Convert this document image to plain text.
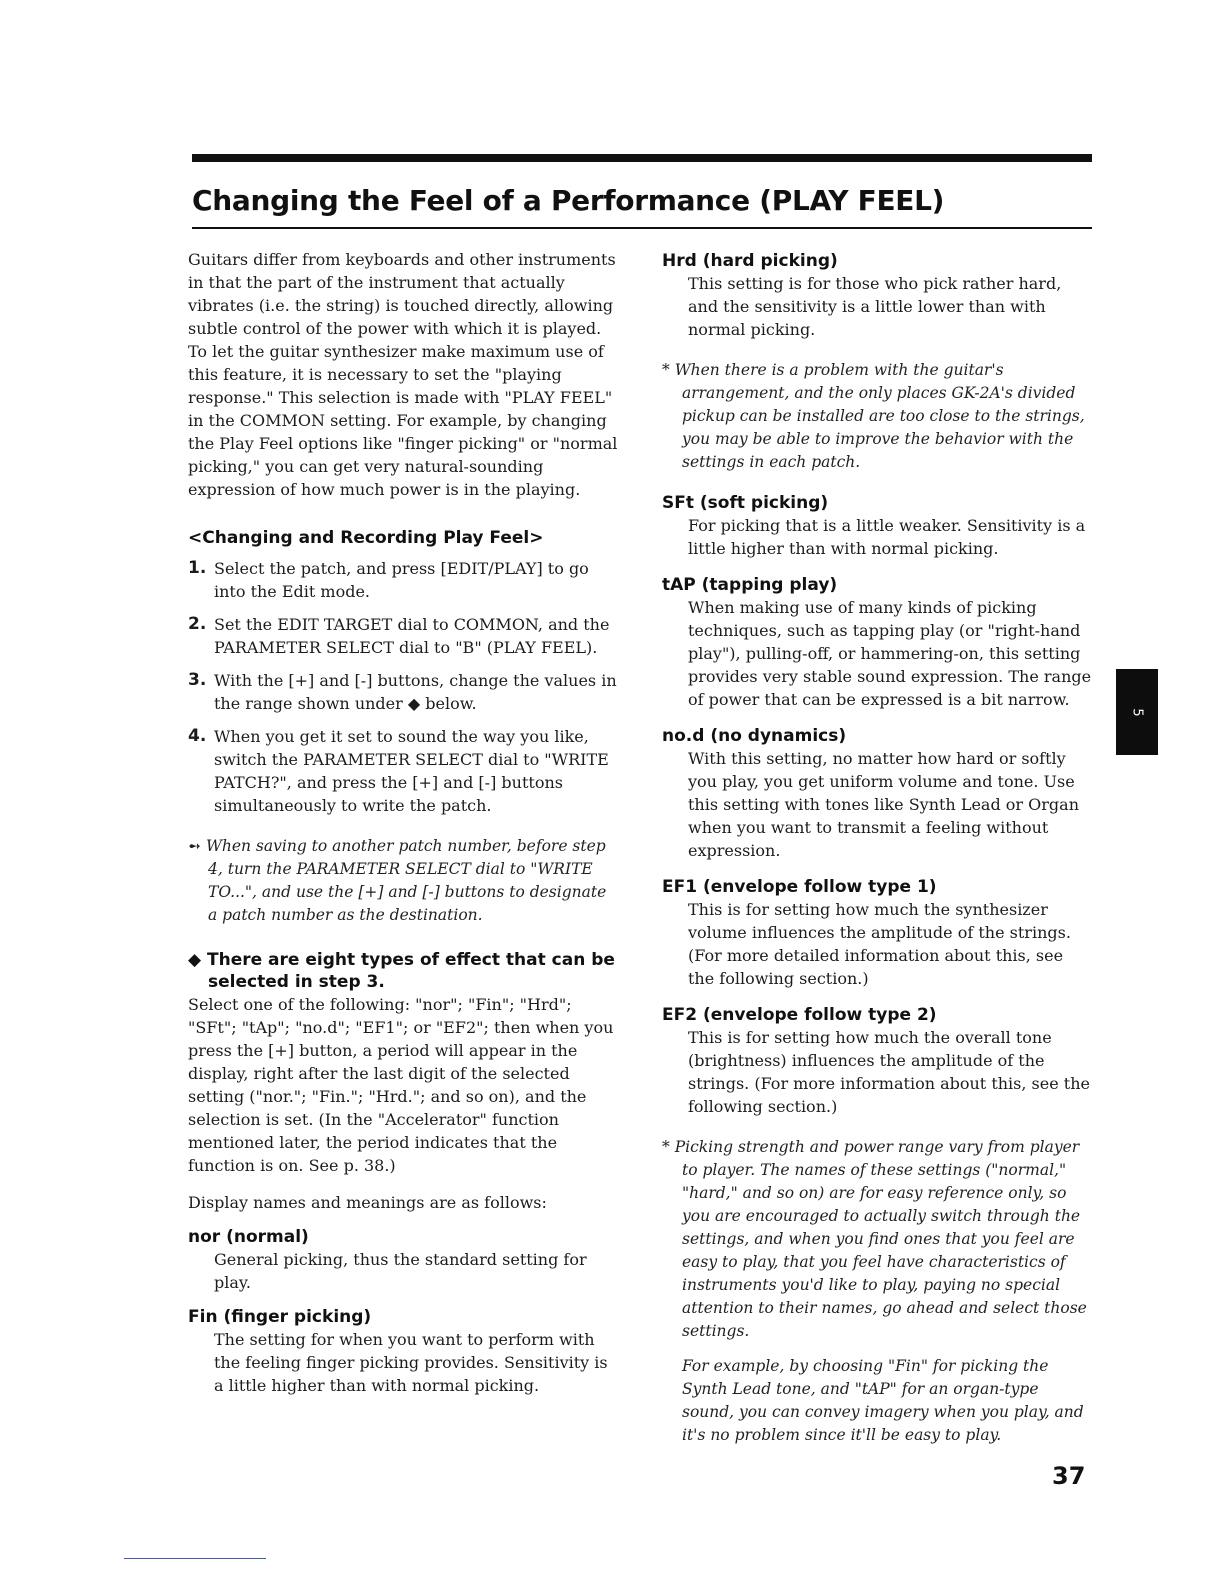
Changing the Feel of a Performance (PLAY FEEL)

Guitars differ from keyboards and other instruments in that the part of the instrument that actually vibrates (i.e. the string) is touched directly, allowing subtle control of the power with which it is played. To let the guitar synthesizer make maximum use of this feature, it is necessary to set the "playing response." This selection is made with "PLAY FEEL" in the COMMON setting. For example, by changing the Play Feel options like "finger picking" or "normal picking," you can get very natural-sounding expression of how much power is in the playing.

<Changing and Recording Play Feel>

1. Select the patch, and press [EDIT/PLAY] to go into the Edit mode.
2. Set the EDIT TARGET dial to COMMON, and the PARAMETER SELECT dial to "B" (PLAY FEEL).
3. With the [+] and [-] buttons, change the values in the range shown under ◆ below.
4. When you get it set to sound the way you like, switch the PARAMETER SELECT dial to "WRITE PATCH?", and press the [+] and [-] buttons simultaneously to write the patch.

➻ When saving to another patch number, before step 4, turn the PARAMETER SELECT dial to "WRITE TO...", and use the [+] and [-] buttons to designate a patch number as the destination.

◆ There are eight types of effect that can be selected in step 3.

Select one of the following: "nor"; "Fin"; "Hrd"; "SFt"; "tAp"; "no.d"; "EF1"; or "EF2"; then when you press the [+] button, a period will appear in the display, right after the last digit of the selected setting ("nor."; "Fin."; "Hrd."; and so on), and the selection is set. (In the "Accelerator" function mentioned later, the period indicates that the function is on. See p. 38.)

Display names and meanings are as follows:

nor (normal)

General picking, thus the standard setting for play.

Fin (finger picking)

The setting for when you want to perform with the feeling finger picking provides. Sensitivity is a little higher than with normal picking.

Hrd (hard picking)

This setting is for those who pick rather hard, and the sensitivity is a little lower than with normal picking.

* When there is a problem with the guitar's arrangement, and the only places GK-2A's divided pickup can be installed are too close to the strings, you may be able to improve the behavior with the settings in each patch.

SFt (soft picking)

For picking that is a little weaker. Sensitivity is a little higher than with normal picking.

tAP (tapping play)

When making use of many kinds of picking techniques, such as tapping play (or "right-hand play"), pulling-off, or hammering-on, this setting provides very stable sound expression. The range of power that can be expressed is a bit narrow.

no.d (no dynamics)

With this setting, no matter how hard or softly you play, you get uniform volume and tone. Use this setting with tones like Synth Lead or Organ when you want to transmit a feeling without expression.

EF1 (envelope follow type 1)

This is for setting how much the synthesizer volume influences the amplitude of the strings. (For more detailed information about this, see the following section.)

EF2 (envelope follow type 2)

This is for setting how much the overall tone (brightness) influences the amplitude of the strings. (For more information about this, see the following section.)

* Picking strength and power range vary from player to player. The names of these settings ("normal," "hard," and so on) are for easy reference only, so you are encouraged to actually switch through the settings, and when you find ones that you feel are easy to play, that you feel have characteristics of instruments you'd like to play, paying no special attention to their names, go ahead and select those settings.

For example, by choosing "Fin" for picking the Synth Lead tone, and "tAP" for an organ-type sound, you can convey imagery when you play, and it's no problem since it'll be easy to play.

5
37
